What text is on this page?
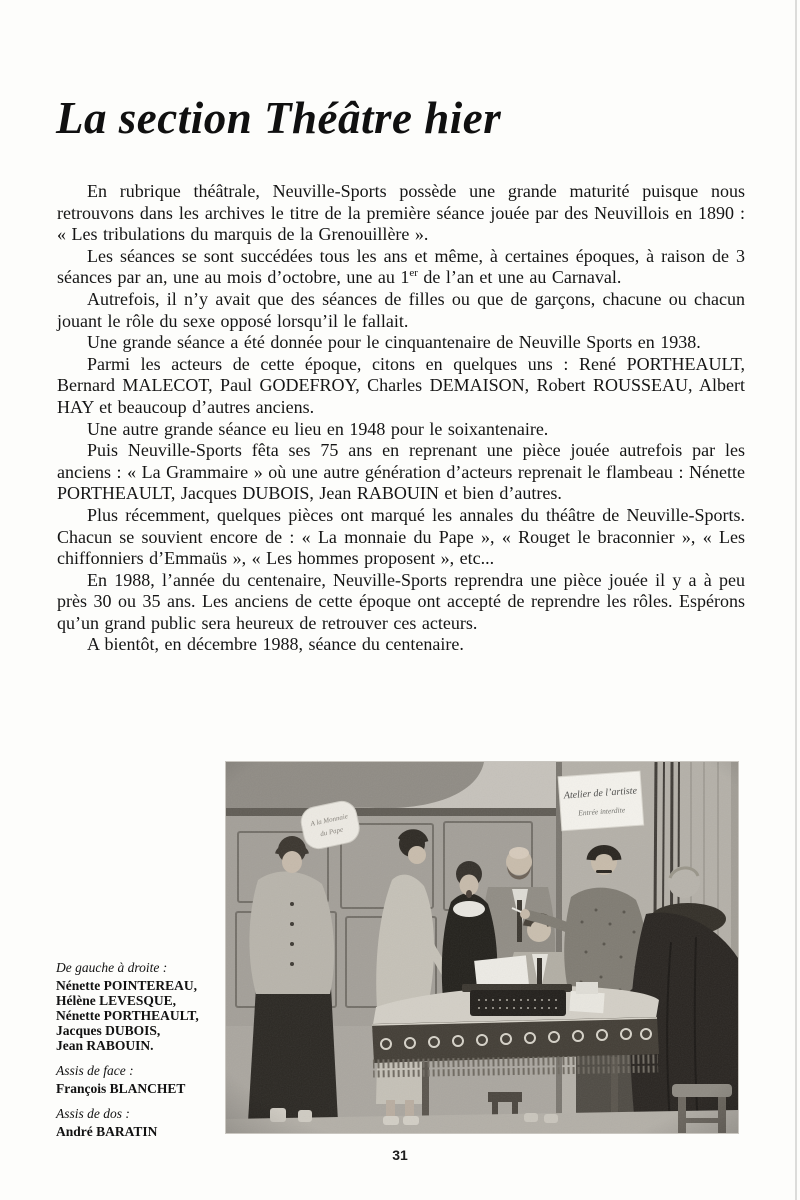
La section Théâtre hier

En rubrique théâtrale, Neuville-Sports possède une grande maturité puisque nous retrouvons dans les archives le titre de la première séance jouée par des Neuvillois en 1890 : « Les tribulations du marquis de la Grenouillère ».

Les séances se sont succédées tous les ans et même, à certaines époques, à raison de 3 séances par an, une au mois d’octobre, une au 1er de l’an et une au Carnaval.

Autrefois, il n’y avait que des séances de filles ou que de garçons, chacune ou chacun jouant le rôle du sexe opposé lorsqu’il le fallait.

Une grande séance a été donnée pour le cinquantenaire de Neuville Sports en 1938.

Parmi les acteurs de cette époque, citons en quelques uns : René PORTHEAULT, Bernard MALECOT, Paul GODEFROY, Charles DEMAISON, Robert ROUSSEAU, Albert HAY et beaucoup d’autres anciens.

Une autre grande séance eu lieu en 1948 pour le soixantenaire.

Puis Neuville-Sports fêta ses 75 ans en reprenant une pièce jouée autrefois par les anciens : « La Grammaire » où une autre génération d’acteurs reprenait le flambeau : Nénette PORTHEAULT, Jacques DUBOIS, Jean RABOUIN et bien d’autres.

Plus récemment, quelques pièces ont marqué les annales du théâtre de Neuville-Sports. Chacun se souvient encore de : « La monnaie du Pape », « Rouget le braconnier », « Les chiffonniers d’Emmaüs », « Les hommes proposent », etc...

En 1988, l’année du centenaire, Neuville-Sports reprendra une pièce jouée il y a à peu près 30 ou 35 ans. Les anciens de cette époque ont accepté de reprendre les rôles. Espérons qu’un grand public sera heureux de retrouver ces acteurs.

A bientôt, en décembre 1988, séance du centenaire.

De gauche à droite :
Nénette POINTEREAU,
Hélène LEVESQUE,
Nénette PORTHEAULT,
Jacques DUBOIS,
Jean RABOUIN.
Assis de face :
François BLANCHET
Assis de dos :
André BARATIN
31
